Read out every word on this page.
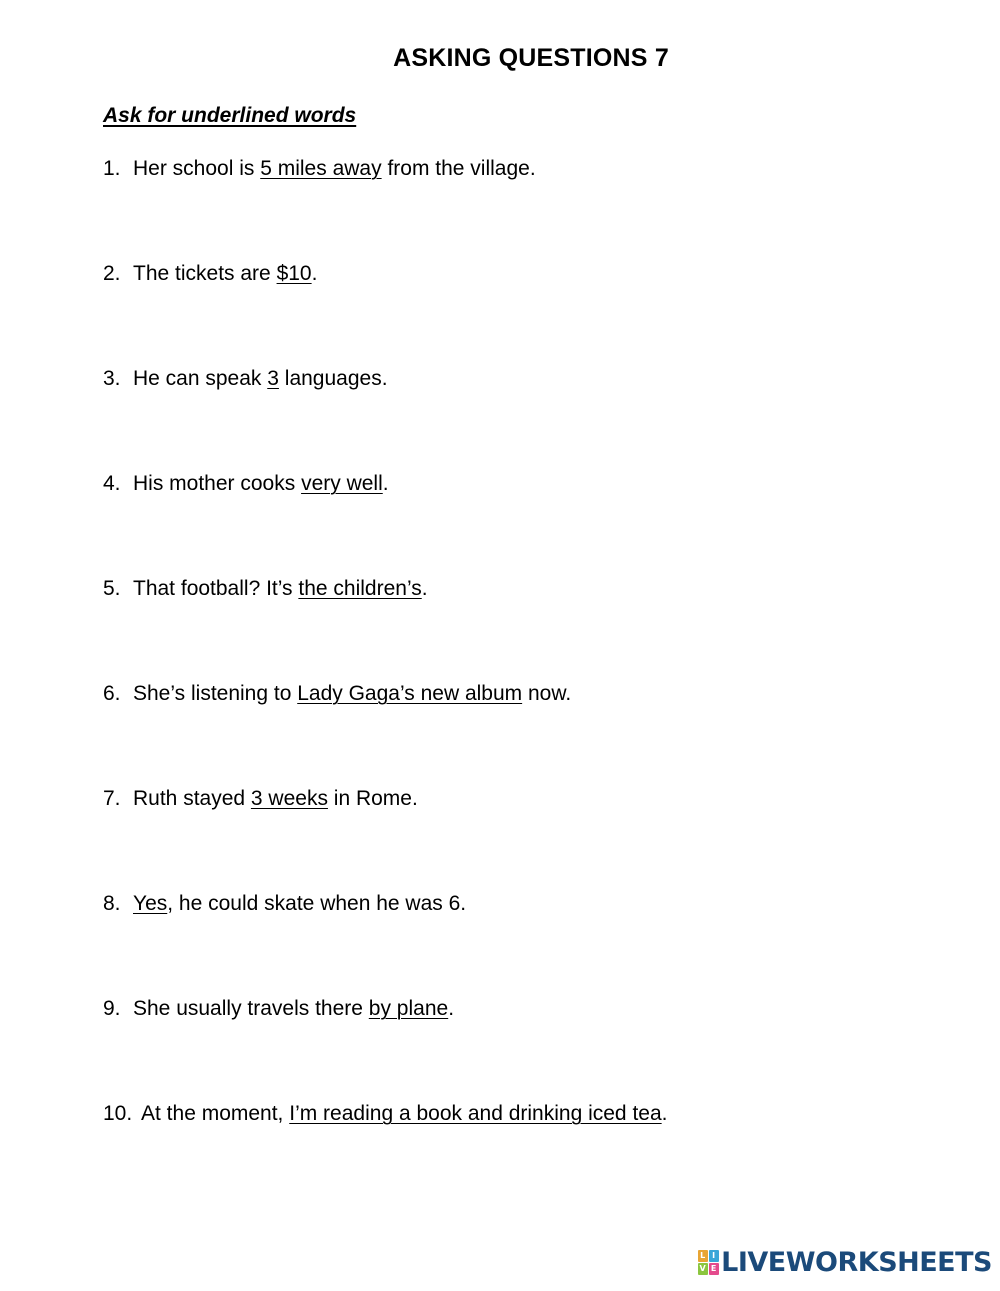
ASKING QUESTIONS 7
Ask for underlined words
1. Her school is 5 miles away from the village.
2. The tickets are $10.
3. He can speak 3 languages.
4. His mother cooks very well.
5. That football? It’s the children’s.
6. She’s listening to Lady Gaga’s new album now.
7. Ruth stayed 3 weeks in Rome.
8. Yes, he could skate when he was 6.
9. She usually travels there by plane.
10. At the moment, I’m reading a book and drinking iced tea.
L I
V E LIVEWORKSHEETS
